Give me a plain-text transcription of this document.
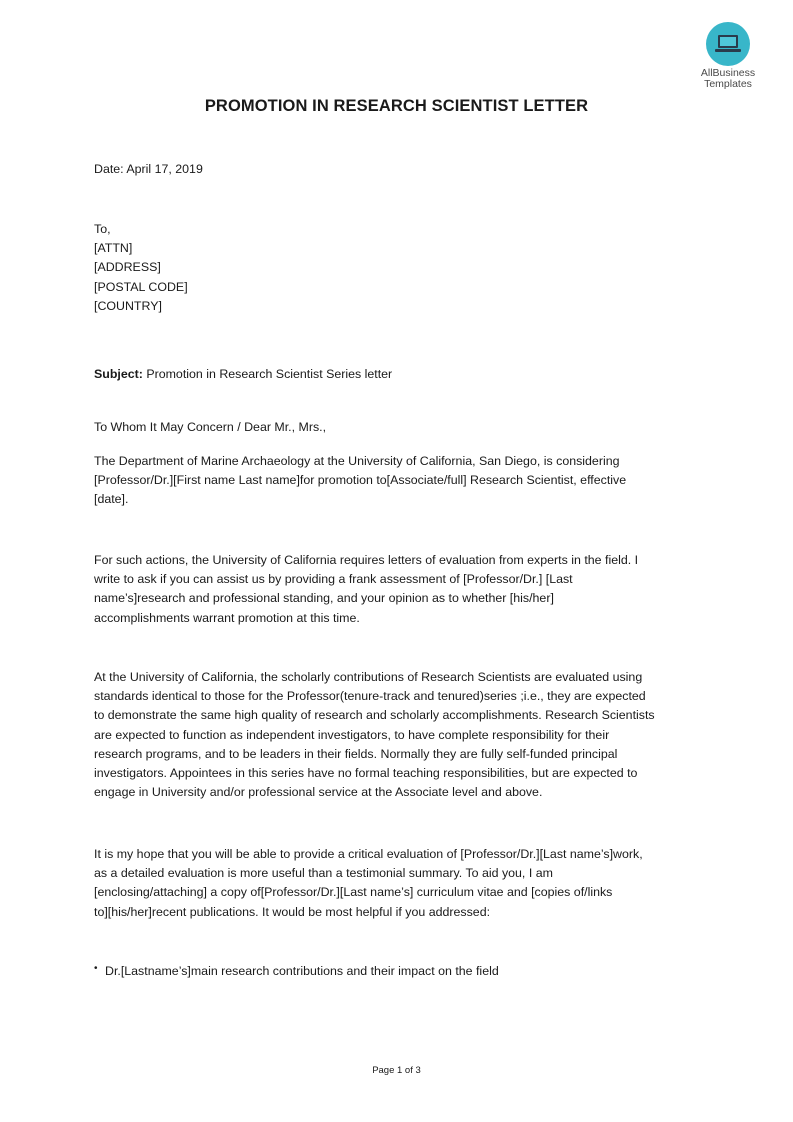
AllBusiness
Templates
PROMOTION IN RESEARCH SCIENTIST LETTER

Date: April 17, 2019

To,

[ATTN]

[ADDRESS]

[POSTAL CODE]

[COUNTRY]

Subject: Promotion in Research Scientist Series letter

To Whom It May Concern / Dear Mr., Mrs.,

The Department of Marine Archaeology at the University of California, San Diego, is considering

[Professor/Dr.][First name Last name]for promotion to[Associate/full] Research Scientist, effective

[date].

For such actions, the University of California requires letters of evaluation from experts in the field. I

write to ask if you can assist us by providing a frank assessment of [Professor/Dr.] [Last

name’s]research and professional standing, and your opinion as to whether [his/her]

accomplishments warrant promotion at this time.

At the University of California, the scholarly contributions of Research Scientists are evaluated using

standards identical to those for the Professor(tenure-track and tenured)series ;i.e., they are expected

to demonstrate the same high quality of research and scholarly accomplishments. Research Scientists

are expected to function as independent investigators, to have complete responsibility for their

research programs, and to be leaders in their fields. Normally they are fully self-funded principal

investigators. Appointees in this series have no formal teaching responsibilities, but are expected to

engage in University and/or professional service at the Associate level and above.

It is my hope that you will be able to provide a critical evaluation of [Professor/Dr.][Last name’s]work,

as a detailed evaluation is more useful than a testimonial summary. To aid you, I am

[enclosing/attaching] a copy of[Professor/Dr.][Last name’s] curriculum vitae and [copies of/links

to][his/her]recent publications. It would be most helpful if you addressed:

• Dr.[Lastname’s]main research contributions and their impact on the field
Page 1 of 3
